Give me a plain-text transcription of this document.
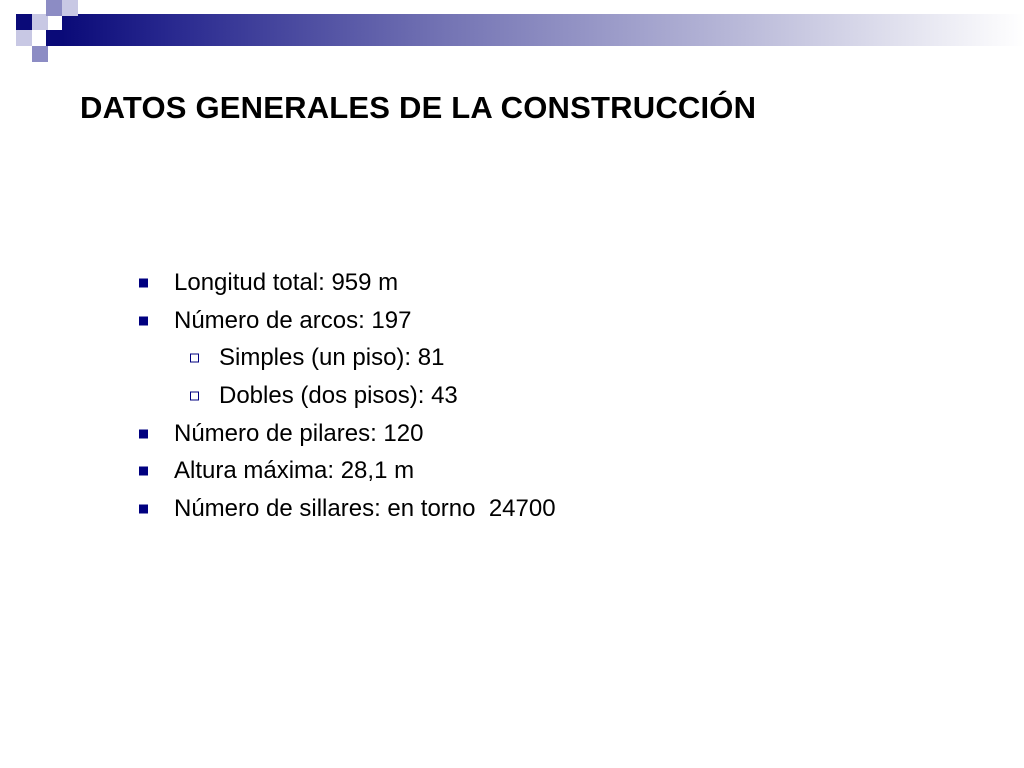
DATOS GENERALES DE LA CONSTRUCCIÓN
Longitud total: 959 m
Número de arcos: 197
Simples (un piso): 81
Dobles (dos pisos): 43
Número de pilares: 120
Altura máxima: 28,1 m
Número de sillares: en torno  24700
